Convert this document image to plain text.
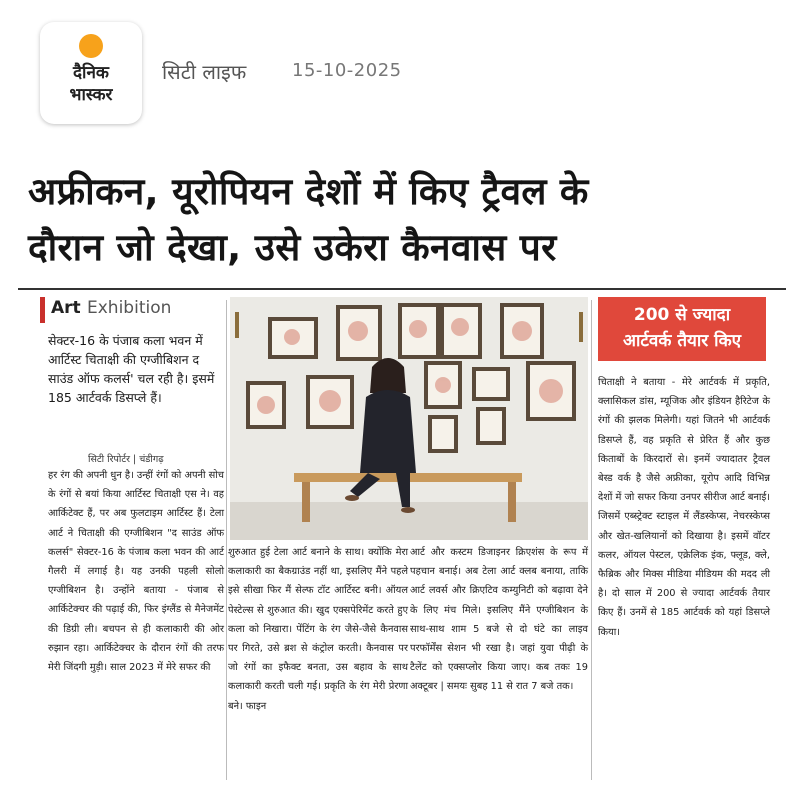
दैनिक
भास्कर
सिटी लाइफ	15-10-2025
अफ्रीकन, यूरोपियन देशों में किए ट्रैवल के
दौरान जो देखा, उसे उकेरा कैनवास पर
Art Exhibition
सेक्टर-16 के पंजाब कला भवन में आर्टिस्ट चिताक्षी की एग्जीबिशन द साउंड ऑफ कलर्स' चल रही है। इसमें 185 आर्टवर्क डिसप्ले हैं।
सिटी रिपोर्टर | चंडीगढ़
हर रंग की अपनी धुन है। उन्हीं रंगों को अपनी सोच के रंगों से बयां किया आर्टिस्ट चिताक्षी एस ने। वह आर्किटेक्ट हैं, पर अब फुलटाइम आर्टिस्ट हैं। टेला आर्ट ने चिताक्षी की एग्जीबिशन "द साउंड ऑफ कलर्स" सेक्टर-16 के पंजाब कला भवन की आर्ट गैलरी में लगाई है। यह उनकी पहली सोलो एग्जीबिशन है। उन्होंने बताया - पंजाब से आर्किटेक्चर की पढ़ाई की, फिर इंग्लैंड से मैनेजमेंट की डिग्री ली। बचपन से ही कलाकारी की ओर रुझान रहा। आर्किटेक्चर के दौरान रंगों की तरफ मेरी जिंदगी मुड़ी। साल 2023 में मेरे सफर की
शुरुआत हुई टेला आर्ट बनाने के साथ। क्योंकि मेरा कलाकारी का बैकग्राउंड नहीं था, इसलिए मैंने पहले इसे सीखा फिर मैं सेल्फ टॉट आर्टिस्ट बनी। ऑयल पेस्टेल्स से शुरुआत की। खुद एक्सपेरिमेंट करते हुए कला को निखारा। पेंटिंग के रंग जैसे-जैसे कैनवास पर गिरते, उसे ब्रश से कंट्रोल करती। कैनवास पर जो रंगों का इफैक्ट बनता, उस बहाव के साथ कलाकारी करती चली गई। प्रकृति के रंग मेरी प्रेरणा बने। फाइन
आर्ट और कस्टम डिजाइनर क्रिएशंस के रूप में पहचान बनाई। अब टेला आर्ट क्लब बनाया, ताकि आर्ट लवर्स और क्रिएटिव कम्युनिटी को बढ़ावा देने के लिए मंच मिले। इसलिए मैंने एग्जीबिशन के साथ-साथ शाम 5 बजे से दो घंटे का लाइव परफॉर्मेंस सेशन भी रखा है। जहां युवा पीढ़ी के टैलेंट को एक्सप्लोर किया जाए। कब तकः 19 अक्टूबर | समयः सुबह 11 से रात 7 बजे तक।
200 से ज्यादा
आर्टवर्क तैयार किए
चिताक्षी ने बताया - मेरे आर्टवर्क में प्रकृति, क्लासिकल डांस, म्यूजिक और इंडियन हैरिटेज के रंगों की झलक मिलेगी। यहां जितने भी आर्टवर्क डिसप्ले हैं, वह प्रकृति से प्रेरित हैं और कुछ किताबों के किरदारों से। इनमें ज्यादातर ट्रैवल बेस्ड वर्क है जैसे अफ्रीका, यूरोप आदि विभिन्न देशों में जो सफर किया उनपर सीरीज आर्ट बनाई। जिसमें एब्स्ट्रेक्ट स्टाइल में लैंडस्केप्स, नेचरस्केप्स और खेत-खलियानों को दिखाया है। इसमें वॉटर कलर, ऑयल पेस्टल, एक्रेलिक इंक, फ्लूड, क्ले, फैब्रिक और मिक्स मीडिया मीडियम की मदद ली है। दो साल में 200 से ज्यादा आर्टवर्क तैयार किए हैं। उनमें से 185 आर्टवर्क को यहां डिसप्ले किया।
